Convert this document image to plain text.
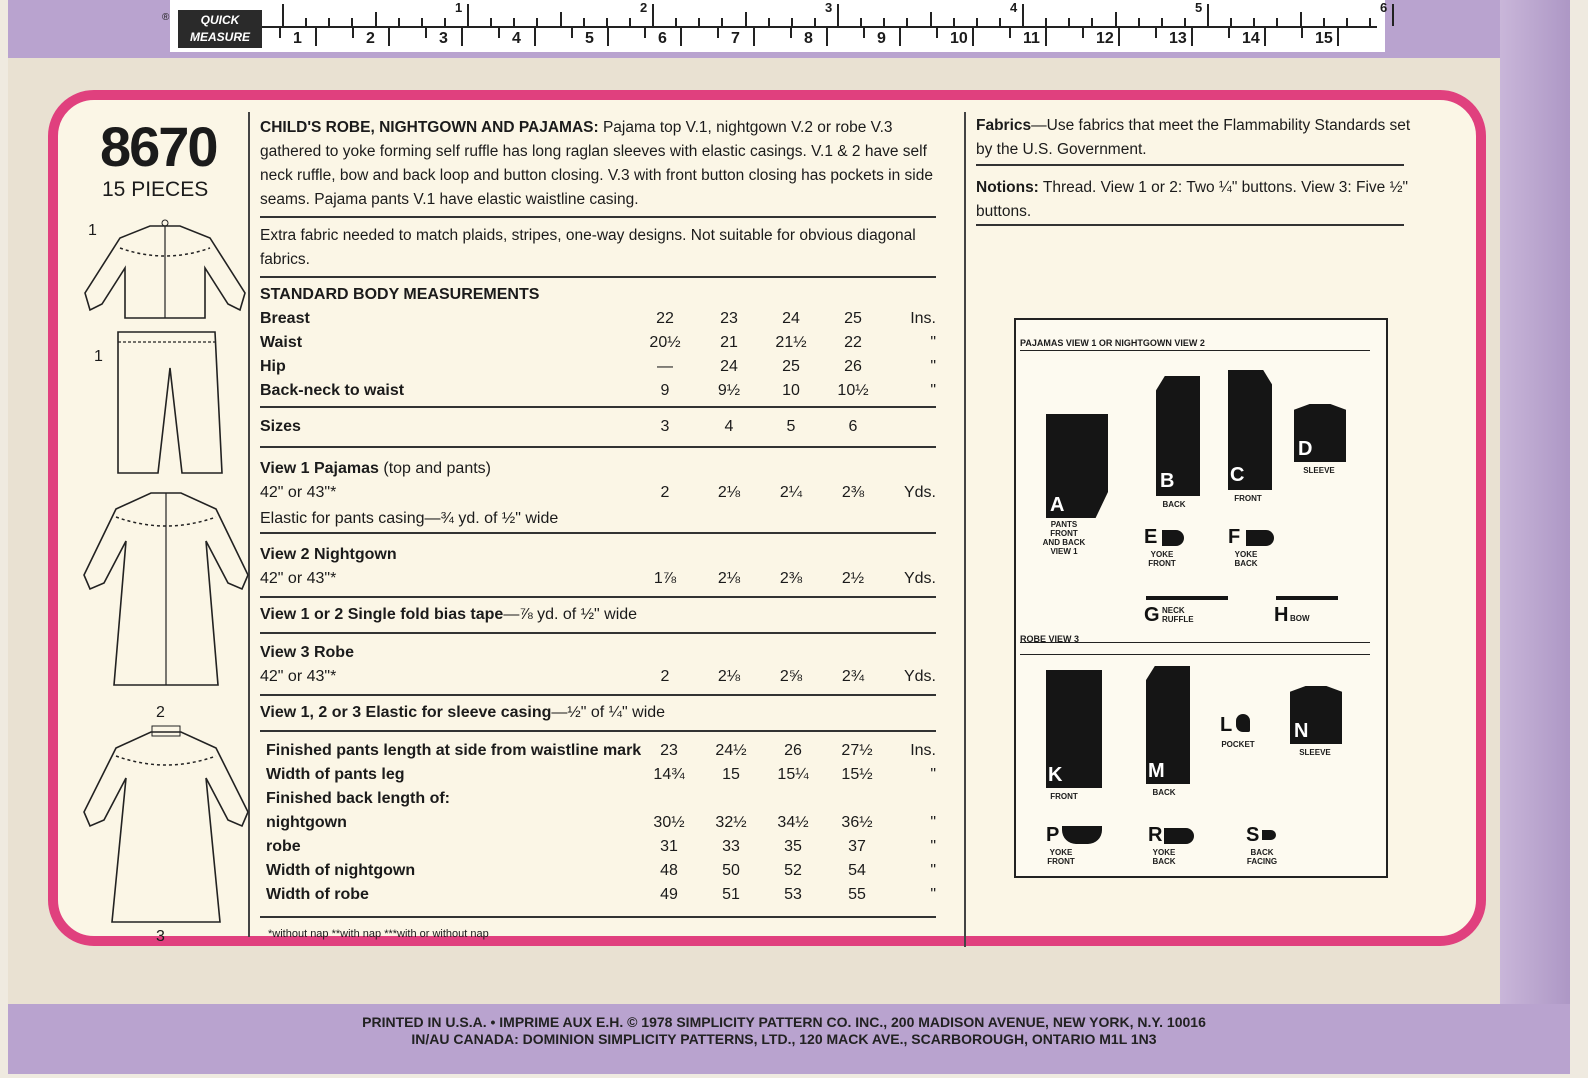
®	QUICK
MEASURE
1	2	3	4	5	6
1	2	3	4	5	6	7	8	9	10	11	12	13	14	15
8670
15 PIECES
1
1
2
3
CHILD'S ROBE, NIGHTGOWN AND PAJAMAS: Pajama top V.1, nightgown V.2 or robe V.3 gathered to yoke forming self ruffle has long raglan sleeves with elastic casings. V.1 & 2 have self neck ruffle, bow and back loop and button closing. V.3 with front button closing has pockets in side seams. Pajama pants V.1 have elastic waistline casing.
Extra fabric needed to match plaids, stripes, one-way designs. Not suitable for obvious diagonal fabrics.
STANDARD BODY MEASUREMENTS
Breast	22	23	24	25	Ins.
Waist	20½	21	21½	22	"
Hip	—	24	25	26	"
Back-neck to waist	9	9½	10	10½	"
Sizes	3	4	5	6
View 1 Pajamas (top and pants)
42" or 43"*	2	2⅛	2¼	2⅜	Yds.
Elastic for pants casing—¾ yd. of ½" wide
View 2 Nightgown
42" or 43"*	1⅞	2⅛	2⅜	2½	Yds.
View 1 or 2 Single fold bias tape—⅞ yd. of ½" wide
View 3 Robe
42" or 43"*	2	2⅛	2⅝	2¾	Yds.
View 1, 2 or 3 Elastic for sleeve casing—½" of ¼" wide
Finished pants length at side from waistline mark	23	24½	26	27½	Ins.
Width of pants leg	14¾	15	15¼	15½	"
Finished back length of:
nightgown	30½	32½	34½	36½	"
robe	31	33	35	37	"
Width of nightgown	48	50	52	54	"
Width of robe	49	51	53	55	"
*without nap **with nap ***with or without nap
Fabrics—Use fabrics that meet the Flammability Standards set by the U.S. Government.
Notions: Thread. View 1 or 2: Two ¼" buttons. View 3: Five ½" buttons.
PAJAMAS VIEW 1 OR NIGHTGOWN VIEW 2
A
PANTS FRONT AND BACK VIEW 1
B
BACK
C
FRONT
D
SLEEVE
E
YOKE FRONT
F
YOKE BACK
G NECK RUFFLE	H BOW
ROBE VIEW 3
K
FRONT
M
BACK
L
POCKET
N
SLEEVE
P
YOKE FRONT
R
YOKE BACK
S
BACK FACING
PRINTED IN U.S.A. • IMPRIME AUX E.H. © 1978 SIMPLICITY PATTERN CO. INC., 200 MADISON AVENUE, NEW YORK, N.Y. 10016
IN/AU CANADA: DOMINION SIMPLICITY PATTERNS, LTD., 120 MACK AVE., SCARBOROUGH, ONTARIO M1L 1N3
